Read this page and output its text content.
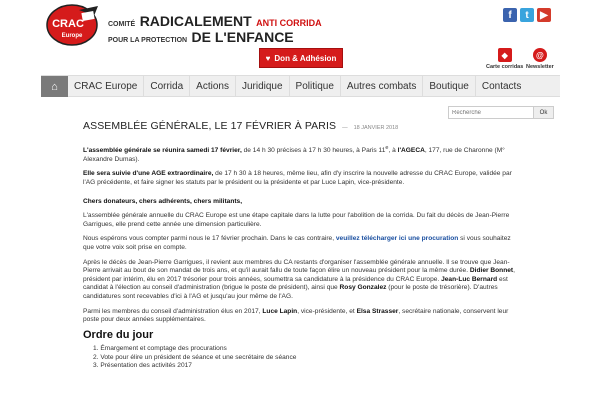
CRAC
Europe
COMITÉ RADICALEMENT ANTI CORRIDA
POUR LA PROTECTION DE L'ENFANCE
f	t	▶
♥ Don & Adhésion	◆
Carte corridas
@
Newsletter
⌂	CRAC Europe	Corrida	Actions	Juridique	Politique	Autres combats	Boutique	Contacts
Recherche
Ok
ASSEMBLÉE GÉNÉRALE, LE 17 FÉVRIER À PARIS — 18 JANVIER 2018

L'assemblée générale se réunira samedi 17 février, de 14 h 30 précises à 17 h 30 heures, à Paris 11e, à l'AGECA, 177, rue de Charonne (M° Alexandre Dumas).

Elle sera suivie d'une AGE extraordinaire, de 17 h 30 à 18 heures, même lieu, afin d'y inscrire la nouvelle adresse du CRAC Europe, validée par l'AG précédente, et faire signer les statuts par le président ou la présidente et par Luce Lapin, vice-présidente.

Chers donateurs, chers adhérents, chers militants,

L'assemblée générale annuelle du CRAC Europe est une étape capitale dans la lutte pour l'abolition de la corrida. Du fait du décès de Jean-Pierre Garrigues, elle prend cette année une dimension particulière.

Nous espérons vous compter parmi nous le 17 février prochain. Dans le cas contraire, veuillez télécharger ici une procuration si vous souhaitez que votre voix soit prise en compte.

Après le décès de Jean-Pierre Garrigues, il revient aux membres du CA restants d'organiser l'assemblée générale annuelle. Il se trouve que Jean-Pierre arrivait au bout de son mandat de trois ans, et qu'il aurait fallu de toute façon élire un nouveau président pour la même durée. Didier Bonnet, président par intérim, élu en 2017 trésorier pour trois années, soumettra sa candidature à la présidence du CRAC Europe. Jean-Luc Bernard est candidat à l'élection au conseil d'administration (brigue le poste de président), ainsi que Rosy Gonzalez (pour le poste de trésorière). D'autres candidatures sont recevables d'ici à l'AG et jusqu'au jour même de l'AG.

Parmi les membres du conseil d'administration élus en 2017, Luce Lapin, vice-présidente, et Elsa Strasser, secrétaire nationale, conservent leur poste pour deux années supplémentaires.

Ordre du jour
1. Émargement et comptage des procurations
2. Vote pour élire un président de séance et une secrétaire de séance
3. Présentation des activités 2017
